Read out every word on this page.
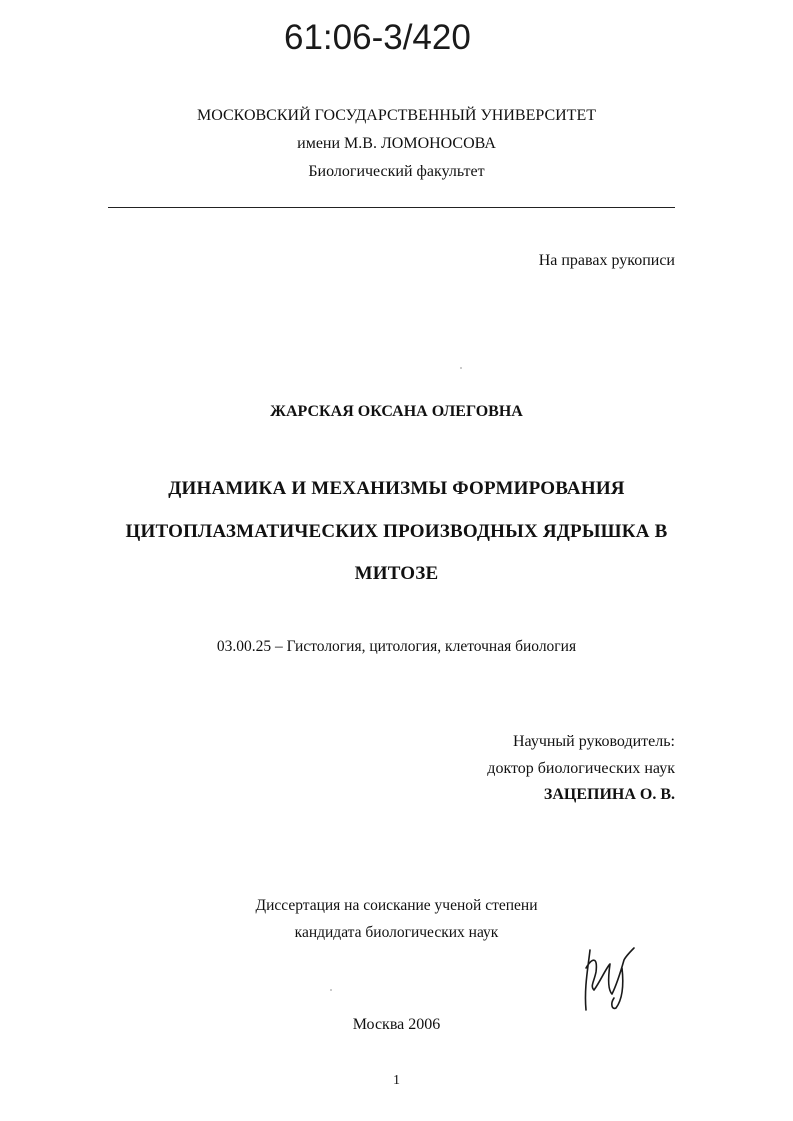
61:06-3/420
МОСКОВСКИЙ ГОСУДАРСТВЕННЫЙ УНИВЕРСИТЕТ
имени М.В. ЛОМОНОСОВА
Биологический факультет
На правах рукописи
ЖАРСКАЯ ОКСАНА ОЛЕГОВНА
ДИНАМИКА И МЕХАНИЗМЫ ФОРМИРОВАНИЯ
ЦИТОПЛАЗМАТИЧЕСКИХ ПРОИЗВОДНЫХ ЯДРЫШКА В
МИТОЗЕ
03.00.25 – Гистология, цитология, клеточная биология
Научный руководитель:
доктор биологических наук
ЗАЦЕПИНА О. В.
Диссертация на соискание ученой степени
кандидата биологических наук
Москва 2006
1
